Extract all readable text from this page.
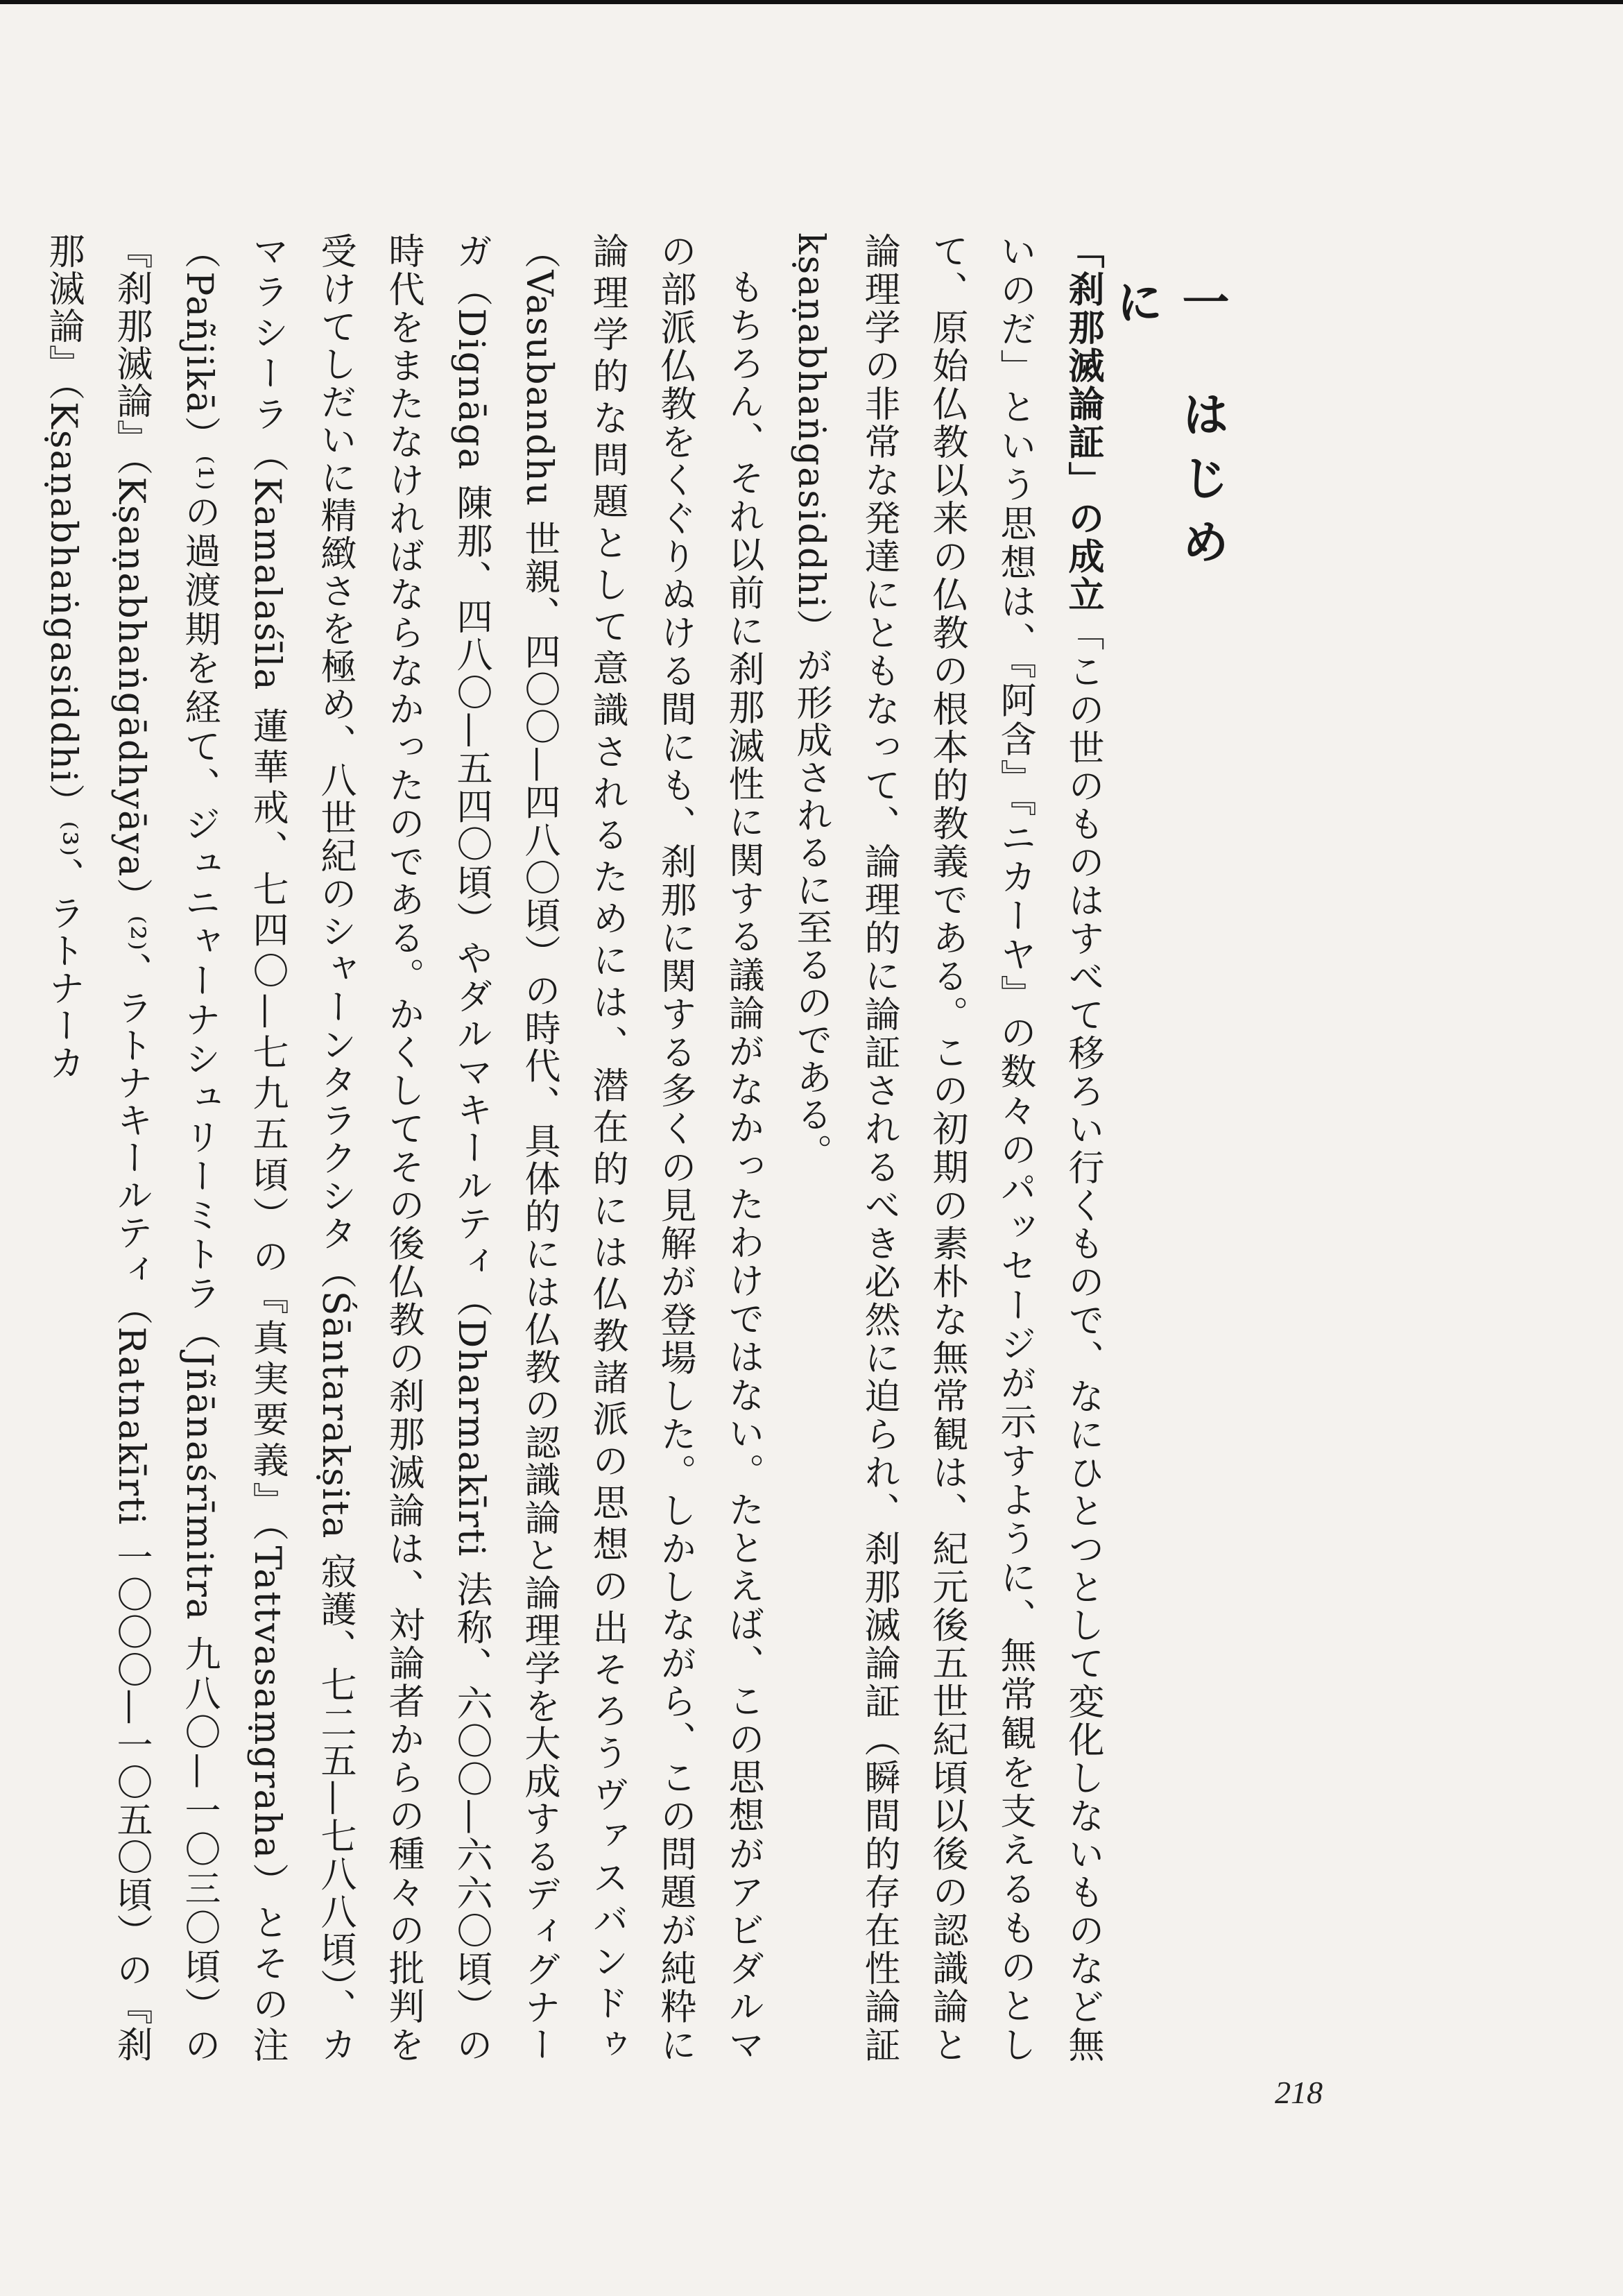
一はじめに

「刹那滅論証」の成立「この世のものはすべて移ろい行くもので、なにひとつとして変化しないものなど無いのだ」という思想は、『阿含』『ニカーヤ』の数々のパッセージが示すように、無常観を支えるものとして、原始仏教以来の仏教の根本的教義である。この初期の素朴な無常観は、紀元後五世紀頃以後の認識論と論理学の非常な発達にともなって、論理的に論証されるべき必然に迫られ、刹那滅論証（瞬間的存在性論証 kṣaṇabhaṅgasiddhi）が形成されるに至るのである。

もちろん、それ以前に刹那滅性に関する議論がなかったわけではない。たとえば、この思想がアビダルマの部派仏教をくぐりぬける間にも、刹那に関する多くの見解が登場した。しかしながら、この問題が純粋に論理学的な問題として意識されるためには、潜在的には仏教諸派の思想の出そろうヴァスバンドゥ（Vasubandhu 世親、四〇〇—四八〇頃）の時代、具体的には仏教の認識論と論理学を大成するディグナーガ（Dignāga 陳那、四八〇—五四〇頃）やダルマキールティ（Dharmakīrti 法称、六〇〇—六六〇頃）の時代をまたなければならなかったのである。かくしてその後仏教の刹那滅論は、対論者からの種々の批判を受けてしだいに精緻さを極め、八世紀のシャーンタラクシタ（Śāntarakṣita 寂護、七二五—七八八頃）、カマラシーラ（Kamalaśīla 蓮華戒、七四〇—七九五頃）の『真実要義』（Tattvasaṃgraha）とその注（Pañjikā）⁽¹⁾の過渡期を経て、ジュニャーナシュリーミトラ（Jñānaśrīmitra 九八〇—一〇三〇頃）の『刹那滅論』（Kṣaṇabhaṅgādhyāya）⁽²⁾、ラトナキールティ（Ratnakīrti 一〇〇〇—一〇五〇頃）の『刹那滅論』（Kṣaṇabhaṅgasiddhi）⁽³⁾、ラトナーカ

218
